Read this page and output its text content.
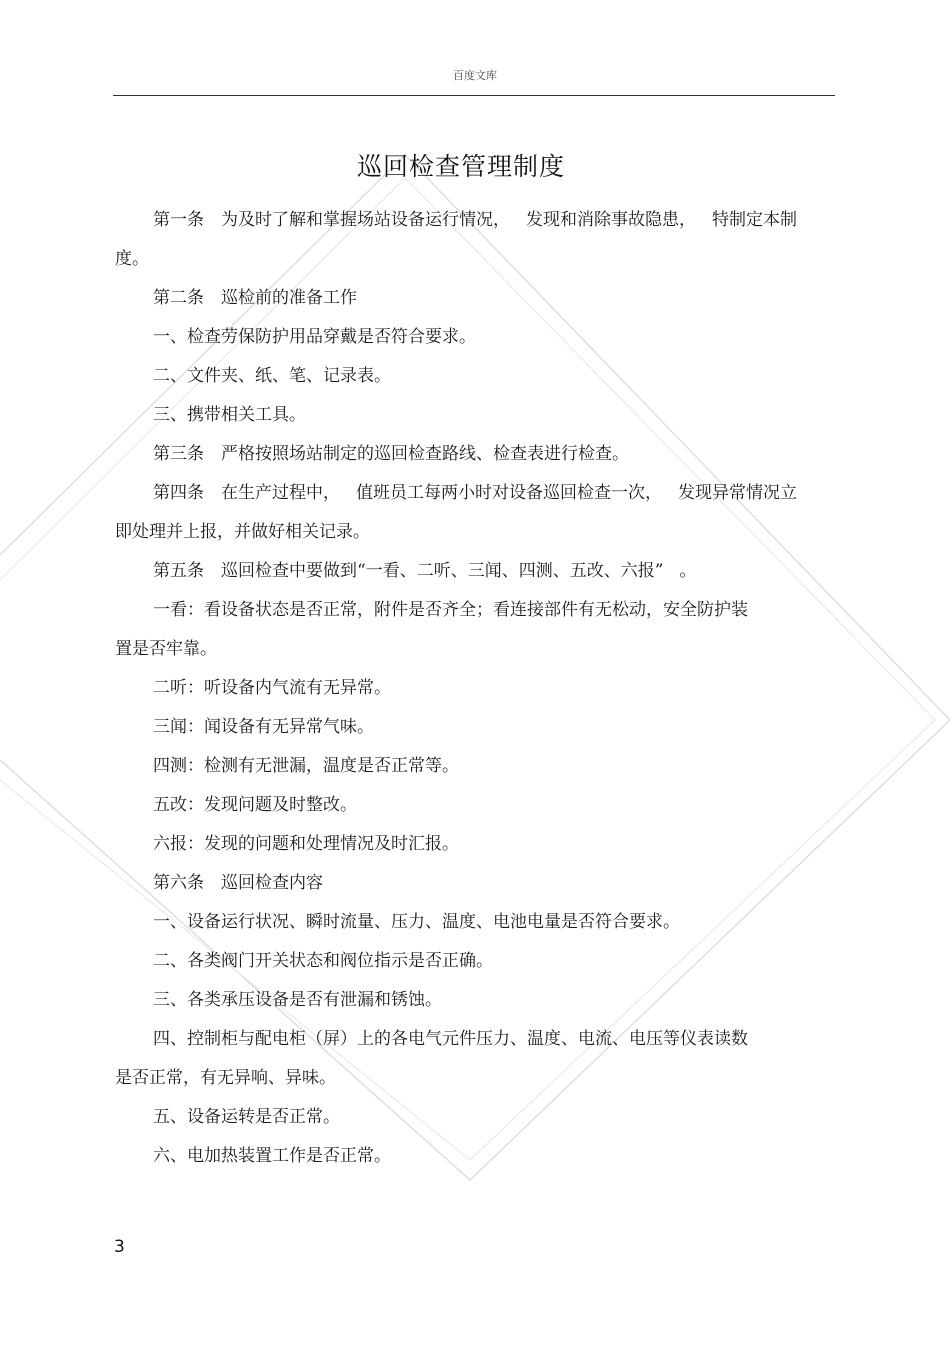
百度文库
巡回检查管理制度
第一条　为及时了解和掌握场站设备运行情况， 发现和消除事故隐患， 特制定本制
度。
第二条　巡检前的准备工作
一、检查劳保防护用品穿戴是否符合要求。
二、文件夹、纸、笔、记录表。
三、携带相关工具。
第三条　严格按照场站制定的巡回检查路线、检查表进行检查。
第四条　在生产过程中， 值班员工每两小时对设备巡回检查一次， 发现异常情况立
即处理并上报，并做好相关记录。
第五条　巡回检查中要做到“一看、二听、三闻、四测、五改、六报” 。
一看：看设备状态是否正常，附件是否齐全；看连接部件有无松动，安全防护装
置是否牢靠。
二听：听设备内气流有无异常。
三闻：闻设备有无异常气味。
四测：检测有无泄漏，温度是否正常等。
五改：发现问题及时整改。
六报：发现的问题和处理情况及时汇报。
第六条　巡回检查内容
一、设备运行状况、瞬时流量、压力、温度、电池电量是否符合要求。
二、各类阀门开关状态和阀位指示是否正确。
三、各类承压设备是否有泄漏和锈蚀。
四、控制柜与配电柜（屏）上的各电气元件压力、温度、电流、电压等仪表读数
是否正常，有无异响、异味。
五、设备运转是否正常。
六、电加热装置工作是否正常。
3
